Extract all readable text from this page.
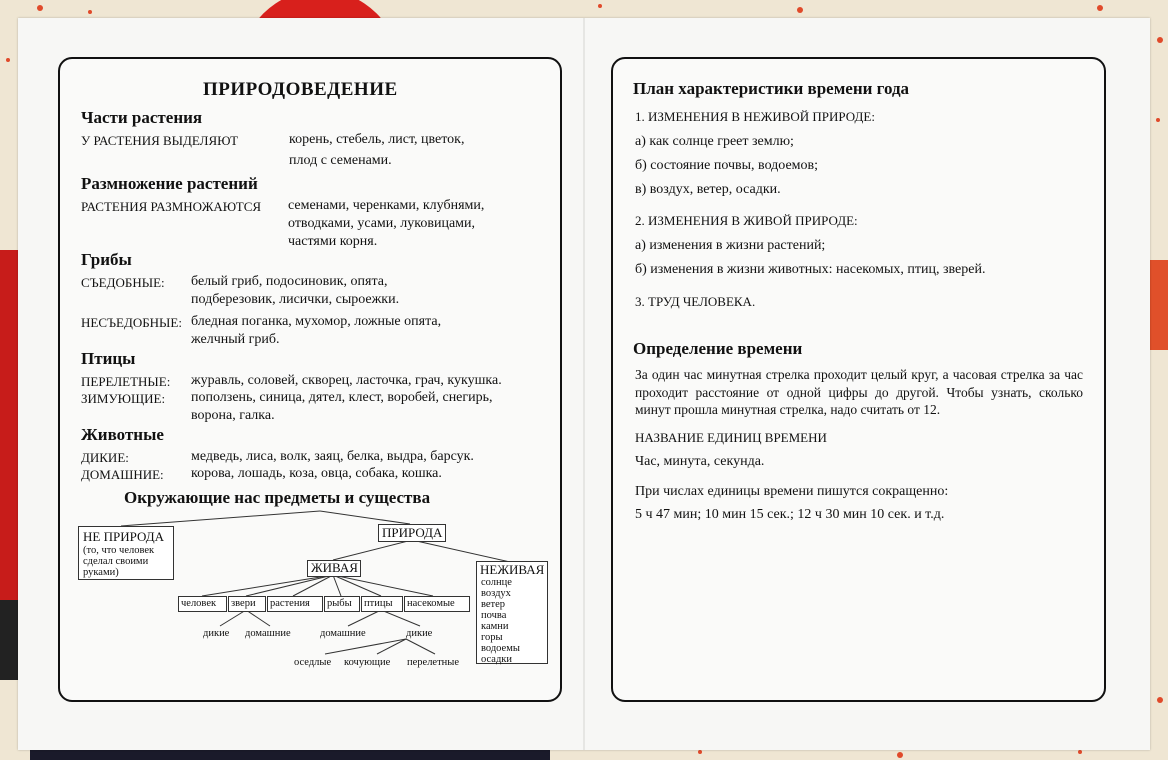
ПРИРОДОВЕДЕНИЕ
Части растения
У РАСТЕНИЯ ВЫДЕЛЯЮТ	корень, стебель, лист, цветок,
плод с семенами.
Размножение растений
РАСТЕНИЯ РАЗМНОЖАЮТСЯ семенами, черенками, клубнями,
отводками, усами, луковицами,
частями корня.
Грибы
СЪЕДОБНЫЕ: белый гриб, подосиновик, опята,
подберезовик, лисички, сыроежки.
НЕСЪЕДОБНЫЕ: бледная поганка, мухомор, ложные опята,
желчный гриб.
Птицы
ПЕРЕЛЕТНЫЕ: журавль, соловей, скворец, ласточка, грач, кукушка.
ЗИМУЮЩИЕ: поползень, синица, дятел, клест, воробей, снегирь,
ворона, галка.
Животные
ДИКИЕ:	медведь, лиса, волк, заяц, белка, выдра, барсук.
ДОМАШНИЕ: корова, лошадь, коза, овца, собака, кошка.
Окружающие нас предметы и существа
НЕ ПРИРОДА
(то, что человек
сделал своими
руками)
ПРИРОДА
ЖИВАЯ	НЕЖИВАЯ
солнце
воздух
ветер
почва
камни
горы
водоемы
осадки
человек звери растения рыбы птицы насекомые
дикие домашние	домашние	дикие
оседлые кочующие перелетные
План характеристики времени года
1. ИЗМЕНЕНИЯ В НЕЖИВОЙ ПРИРОДЕ:
а) как солнце греет землю;
б) состояние почвы, водоемов;
в) воздух, ветер, осадки.
2. ИЗМЕНЕНИЯ В ЖИВОЙ ПРИРОДЕ:
а) изменения в жизни растений;
б) изменения в жизни животных: насекомых, птиц, зверей.
3. ТРУД ЧЕЛОВЕКА.
Определение времени
За один час минутная стрелка проходит целый круг, а часовая стрелка за час проходит расстояние от одной цифры до другой. Чтобы узнать, сколько минут прошла минутная стрелка, надо считать от 12.
НАЗВАНИЕ ЕДИНИЦ ВРЕМЕНИ
Час, минута, секунда.
При числах единицы времени пишутся сокращенно:
5 ч 47 мин; 10 мин 15 сек.; 12 ч 30 мин 10 сек. и т.д.
